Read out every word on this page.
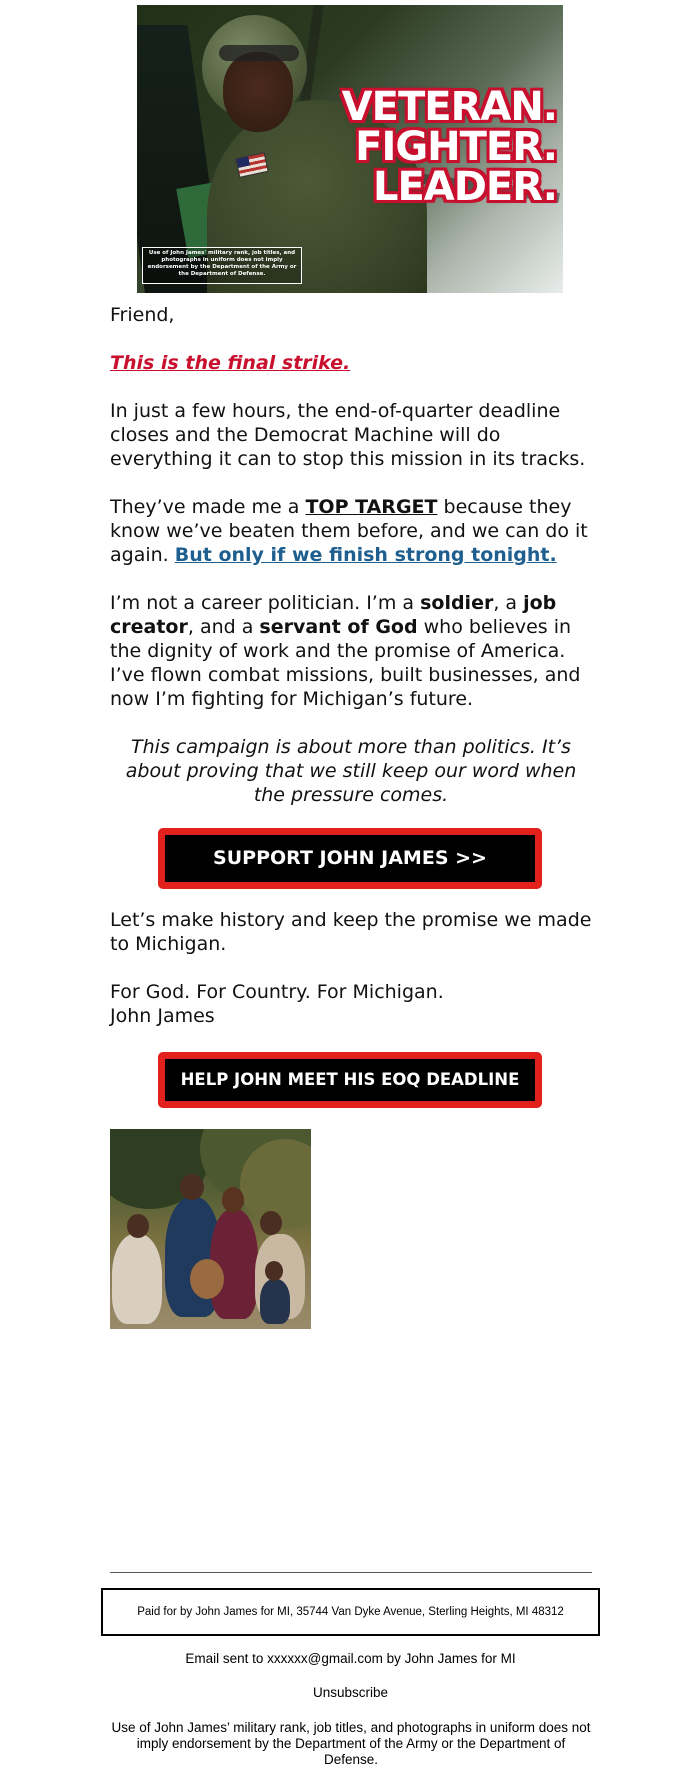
VETERAN.
FIGHTER.
LEADER.
Use of John James' military rank, job titles, and photographs in uniform does not imply endorsement by the Department of the Army or the Department of Defense.
Friend,
This is the final strike.
In just a few hours, the end-of-quarter deadline closes and the Democrat Machine will do everything it can to stop this mission in its tracks.
They’ve made me a TOP TARGET because they know we’ve beaten them before, and we can do it again. But only if we finish strong tonight.
I’m not a career politician. I’m a soldier, a job creator, and a servant of God who believes in the dignity of work and the promise of America. I’ve flown combat missions, built businesses, and now I’m fighting for Michigan’s future.
This campaign is about more than politics. It’s about proving that we still keep our word when the pressure comes.
SUPPORT JOHN JAMES >>
Let’s make history and keep the promise we made to Michigan.
For God. For Country. For Michigan.
John James
HELP JOHN MEET HIS EOQ DEADLINE
Paid for by John James for MI, 35744 Van Dyke Avenue, Sterling Heights, MI 48312
Email sent to xxxxxx@gmail.com by John James for MI
Unsubscribe
Use of John James’ military rank, job titles, and photographs in uniform does not imply endorsement by the Department of the Army or the Department of Defense.
